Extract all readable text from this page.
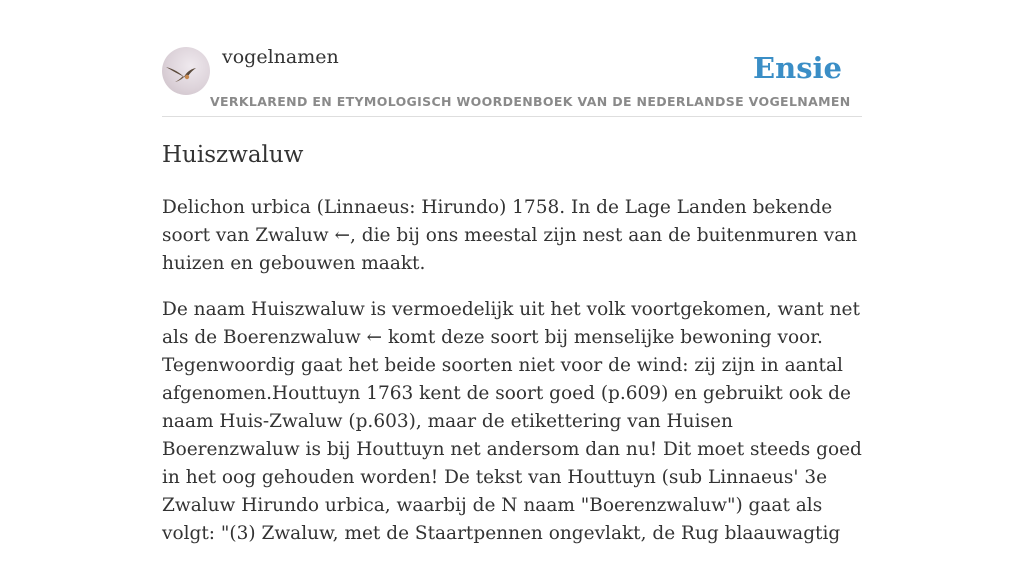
vogelnamen	Ensie
VERKLAREND EN ETYMOLOGISCH WOORDENBOEK VAN DE NEDERLANDSE VOGELNAMEN
Huiszwaluw

Delichon urbica (Linnaeus: Hirundo) 1758. In de Lage Landen bekende soort van Zwaluw ←, die bij ons meestal zijn nest aan de buitenmuren van huizen en gebouwen maakt.

De naam Huiszwaluw is vermoedelijk uit het volk voortgekomen, want net als de Boerenzwaluw ← komt deze soort bij menselijke bewoning voor. Tegenwoordig gaat het beide soorten niet voor de wind: zij zijn in aantal afgenomen.Houttuyn 1763 kent de soort goed (p.609) en gebruikt ook de naam Huis-Zwaluw (p.603), maar de etikettering van Huisen Boerenzwaluw is bij Houttuyn net andersom dan nu! Dit moet steeds goed in het oog gehouden worden! De tekst van Houttuyn (sub Linnaeus' 3e Zwaluw Hirundo urbica, waarbij de N naam "Boerenzwaluw") gaat als volgt: "(3) Zwaluw, met de Staartpennen ongevlakt, de Rug blaauwagtig
